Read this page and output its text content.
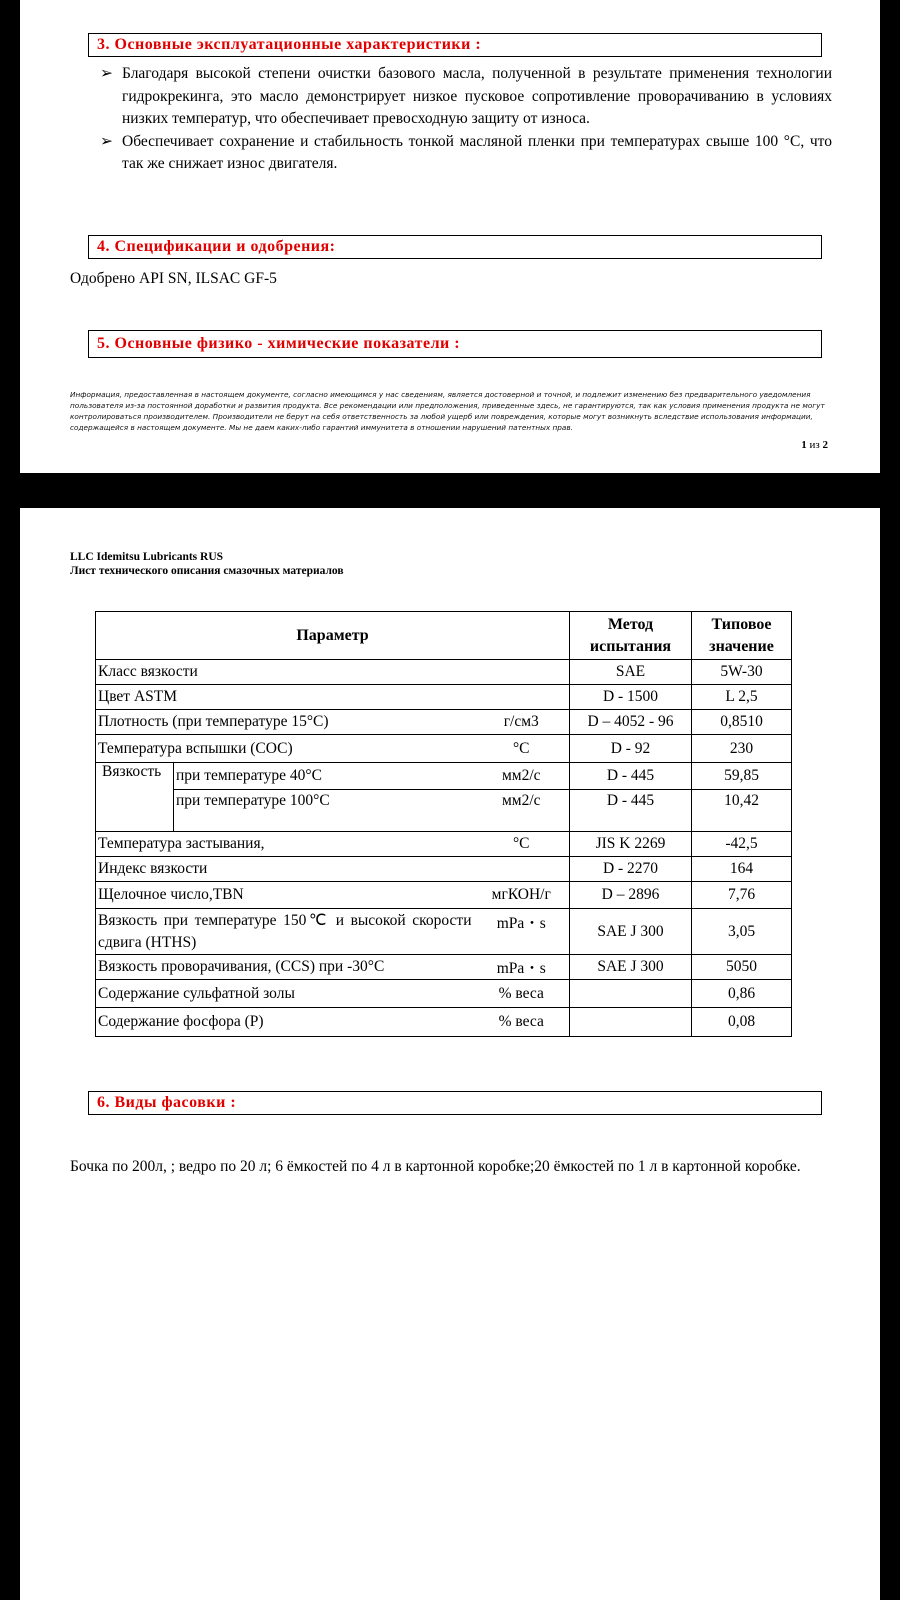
3. Основные эксплуатационные характеристики :
➢ Благодаря высокой степени очистки базового масла, полученной в результате применения технологии гидрокрекинга, это масло демонстрирует низкое пусковое сопротивление проворачиванию в условиях низких температур, что обеспечивает превосходную защиту от износа.
➢ Обеспечивает сохранение и стабильность тонкой масляной пленки при температурах свыше 100 °С, что так же снижает износ двигателя.
4. Спецификации и одобрения:
Одобрено API SN, ILSAC GF-5
5. Основные физико - химические показатели :
Информация, предоставленная в настоящем документе, согласно имеющимся у нас сведениям, является достоверной и точной, и подлежит изменению без предварительного уведомления пользователя из-за постоянной доработки и развития продукта. Все рекомендации или предположения, приведенные здесь, не гарантируются, так как условия применения продукта не могут контролироваться производителем. Производители не берут на себя ответственность за любой ущерб или повреждения, которые могут возникнуть вследствие использования информации, содержащейся в настоящем документе. Мы не даем каких-либо гарантий иммунитета в отношении нарушений патентных прав.
1 из 2
LLC Idemitsu Lubricants RUS
Лист технического описания смазочных материалов
Параметр			Метод испытания	Типовое значение
Класс вязкости			SAE	5W-30
Цвет ASTM			D - 1500	L 2,5
Плотность (при температуре 15°С)		г/см3	D – 4052 - 96	0,8510
Температура вспышки (СОС)		°С	D - 92	230
Вязкость	при температуре 40°С	мм2/с	D - 445	59,85
	при температуре 100°С	мм2/с	D - 445	10,42
Температура застывания,		°С	JIS K 2269	-42,5
Индекс вязкости			D - 2270	164
Щелочное число,TBN		мгКОН/г	D – 2896	7,76
Вязкость при температуре 150℃ и высокой скорости сдвига (HTHS)		mPa・s	SAE J 300	3,05
Вязкость проворачивания, (CCS) при -30°С		mPa・s	SAE J 300	5050
Содержание сульфатной золы		% веса		0,86
Содержание фосфора (Р)		% веса		0,08
6. Виды фасовки :
Бочка по 200л, ; ведро по 20 л; 6 ёмкостей по 4 л в картонной коробке;20 ёмкостей по 1 л в картонной коробке.
